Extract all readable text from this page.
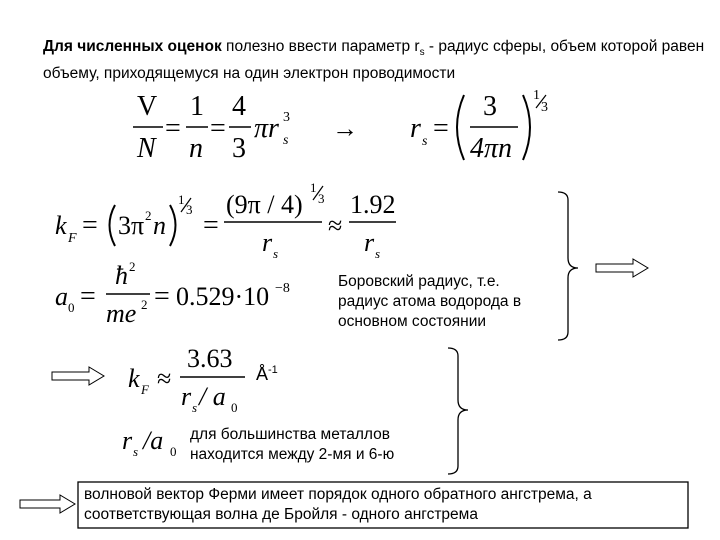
Для численных оценок полезно ввести параметр $r_s$ - радиус сферы, объем которой равен объему, приходящемуся на один электрон проводимости
V
N
=
1
n
=
4
3
πr s
3 → r s =
3
4πn
1
3
k F = 3π 2 n
1
3
=
(9π / 4)
1
3
r s
≈
1.92
r s
a 0 =
ħ 2
me 2 = 0.529·10 −8
k F ≈
3.63
r s / a 0
r s /a 0
Боровский радиус, т.е.
радиус атома водорода в
основном состоянии
$Å^{-1}$
для большинства металлов
находится между 2-мя и 6-ю
волновой вектор Ферми имеет порядок одного обратного ангстрема, а
соответствующая волна де Бройля - одного ангстрема
